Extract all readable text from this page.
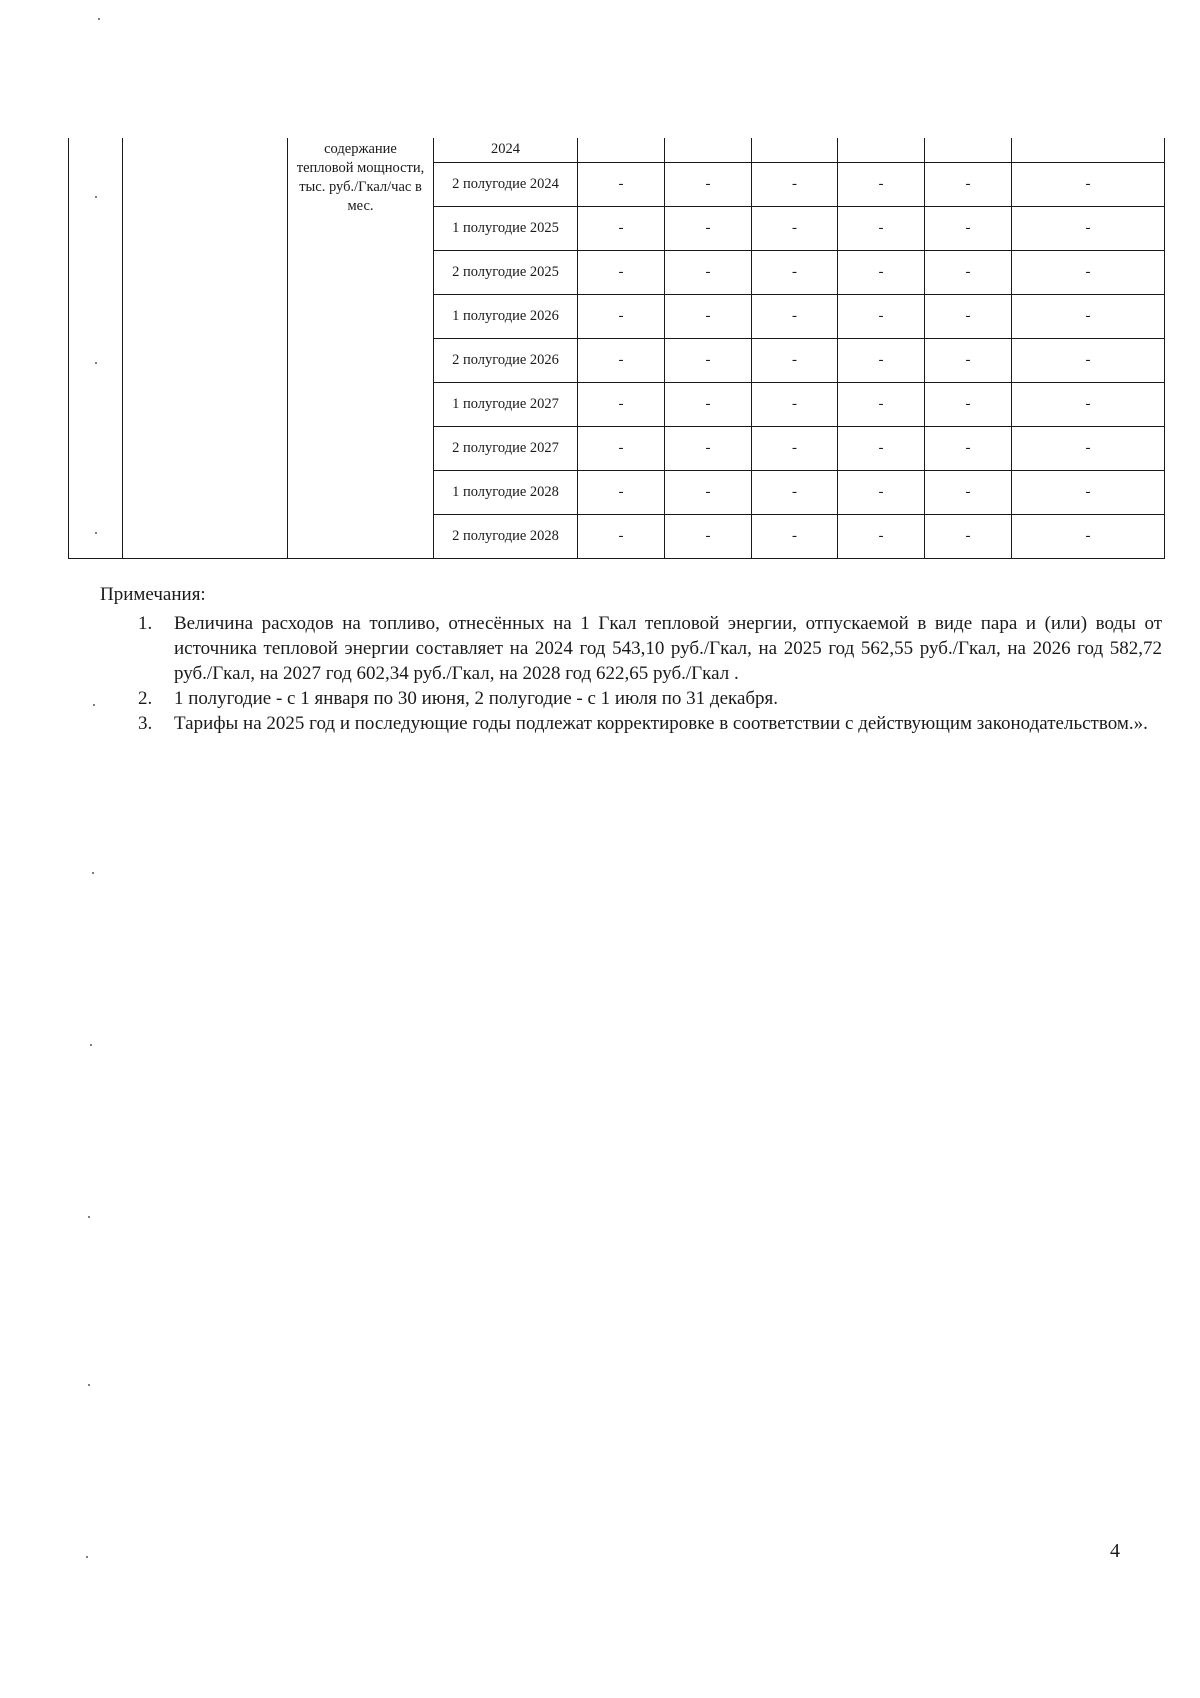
		содержание тепловой мощности, тыс. руб./Гкал/час в мес.	2024						
			2 полугодие 2024	-	-	-	-	-	-
			1 полугодие 2025	-	-	-	-	-	-
			2 полугодие 2025	-	-	-	-	-	-
			1 полугодие 2026	-	-	-	-	-	-
			2 полугодие 2026	-	-	-	-	-	-
			1 полугодие 2027	-	-	-	-	-	-
			2 полугодие 2027	-	-	-	-	-	-
			1 полугодие 2028	-	-	-	-	-	-
			2 полугодие 2028	-	-	-	-	-	-
Примечания:
1.	Величина расходов на топливо, отнесённых на 1 Гкал тепловой энергии, отпускаемой в виде пара и (или) воды от источника тепловой энергии составляет на 2024 год 543,10 руб./Гкал, на 2025 год 562,55 руб./Гкал, на 2026 год 582,72 руб./Гкал, на 2027 год 602,34 руб./Гкал, на 2028 год 622,65 руб./Гкал .
2.	1 полугодие - с 1 января по 30 июня, 2 полугодие - с 1 июля по 31 декабря.
3.	Тарифы на 2025 год и последующие годы подлежат корректировке в соответствии с действующим законодательством.».
4
